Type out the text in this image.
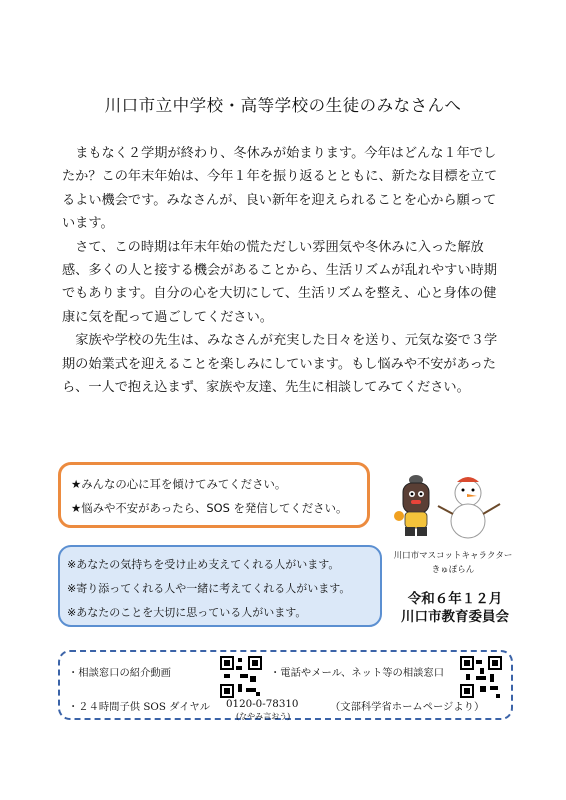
川口市立中学校・高等学校の生徒のみなさんへ

まもなく２学期が終わり、冬休みが始まります。今年はどんな１年でしたか？この年末年始は、今年１年を振り返るとともに、新たな目標を立てるよい機会です。みなさんが、良い新年を迎えられることを心から願っています。

さて、この時期は年末年始の慌ただしい雰囲気や冬休みに入った解放感、多くの人と接する機会があることから、生活リズムが乱れやすい時期でもあります。自分の心を大切にして、生活リズムを整え、心と身体の健康に気を配って過ごしてください。

家族や学校の先生は、みなさんが充実した日々を送り、元気な姿で３学期の始業式を迎えることを楽しみにしています。もし悩みや不安があったら、一人で抱え込まず、家族や友達、先生に相談してみてください。

★みんなの心に耳を傾けてみてください。
★悩みや不安があったら、SOS を発信してください。
※あなたの気持ちを受け止め支えてくれる人がいます。
※寄り添ってくれる人や一緒に考えてくれる人がいます。
※あなたのことを大切に思っている人がいます。
川口市マスコットキャラクター
きゅぽらん
令和６年１２月
川口市教育委員会
・相談窓口の紹介動画	・電話やメール、ネット等の相談窓口
・２４時間子供 SOS ダイヤル 0120-0-78310
(なやみ言おう)
（文部科学省ホームページより）
